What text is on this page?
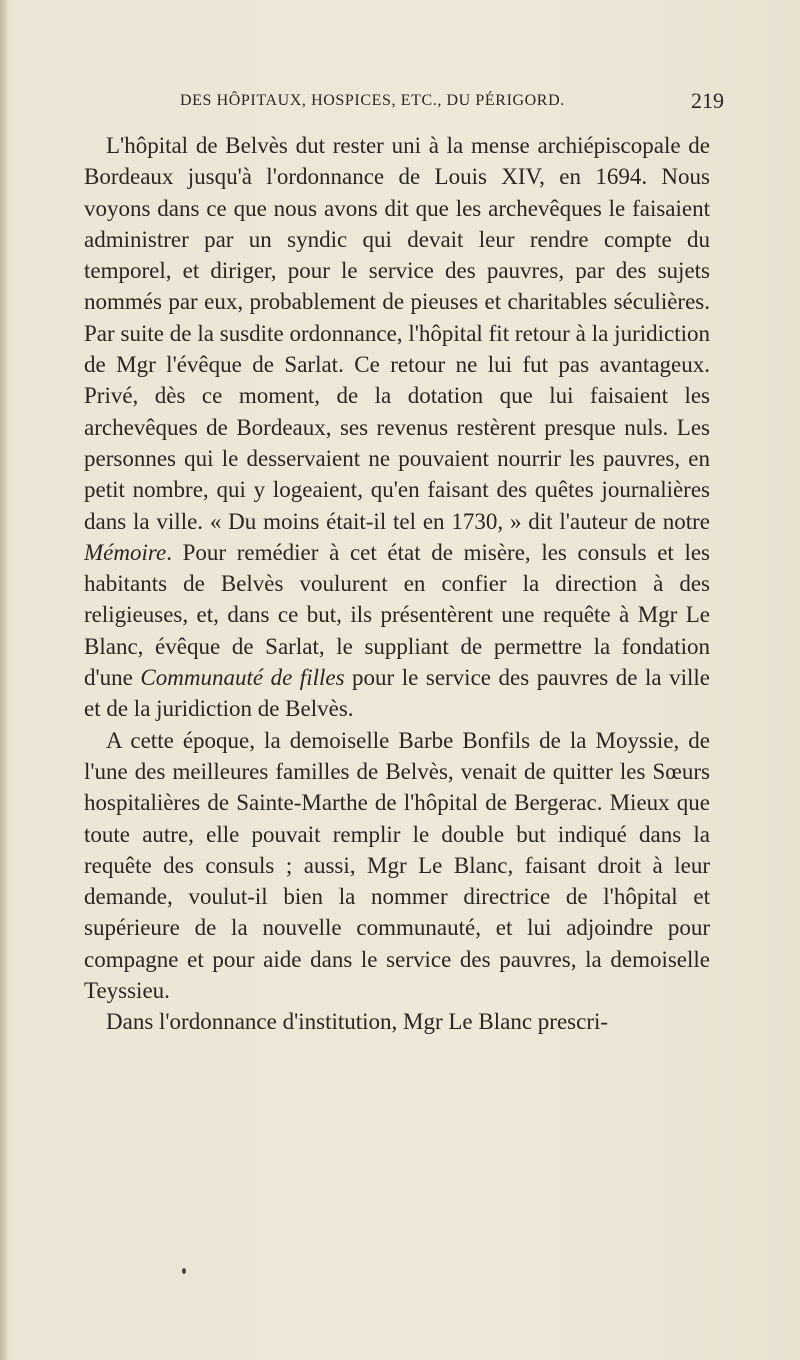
DES HÔPITAUX, HOSPICES, ETC., DU PÉRIGORD.	219

L'hôpital de Belvès dut rester uni à la mense archiépiscopale de Bordeaux jusqu'à l'ordonnance de Louis XIV, en 1694. Nous voyons dans ce que nous avons dit que les archevêques le faisaient administrer par un syndic qui devait leur rendre compte du temporel, et diriger, pour le service des pauvres, par des sujets nommés par eux, probablement de pieuses et charitables séculières. Par suite de la susdite ordonnance, l'hôpital fit retour à la juridiction de Mgr l'évêque de Sarlat. Ce retour ne lui fut pas avantageux. Privé, dès ce moment, de la dotation que lui faisaient les archevêques de Bordeaux, ses revenus restèrent presque nuls. Les personnes qui le desservaient ne pouvaient nourrir les pauvres, en petit nombre, qui y logeaient, qu'en faisant des quêtes journalières dans la ville. « Du moins était-il tel en 1730, » dit l'auteur de notre Mémoire. Pour remédier à cet état de misère, les consuls et les habitants de Belvès voulurent en confier la direction à des religieuses, et, dans ce but, ils présentèrent une requête à Mgr Le Blanc, évêque de Sarlat, le suppliant de permettre la fondation d'une Communauté de filles pour le service des pauvres de la ville et de la juridiction de Belvès.

A cette époque, la demoiselle Barbe Bonfils de la Moyssie, de l'une des meilleures familles de Belvès, venait de quitter les Sœurs hospitalières de Sainte-Marthe de l'hôpital de Bergerac. Mieux que toute autre, elle pouvait remplir le double but indiqué dans la requête des consuls ; aussi, Mgr Le Blanc, faisant droit à leur demande, voulut-il bien la nommer directrice de l'hôpital et supérieure de la nouvelle communauté, et lui adjoindre pour compagne et pour aide dans le service des pauvres, la demoiselle Teyssieu.

Dans l'ordonnance d'institution, Mgr Le Blanc prescri-
